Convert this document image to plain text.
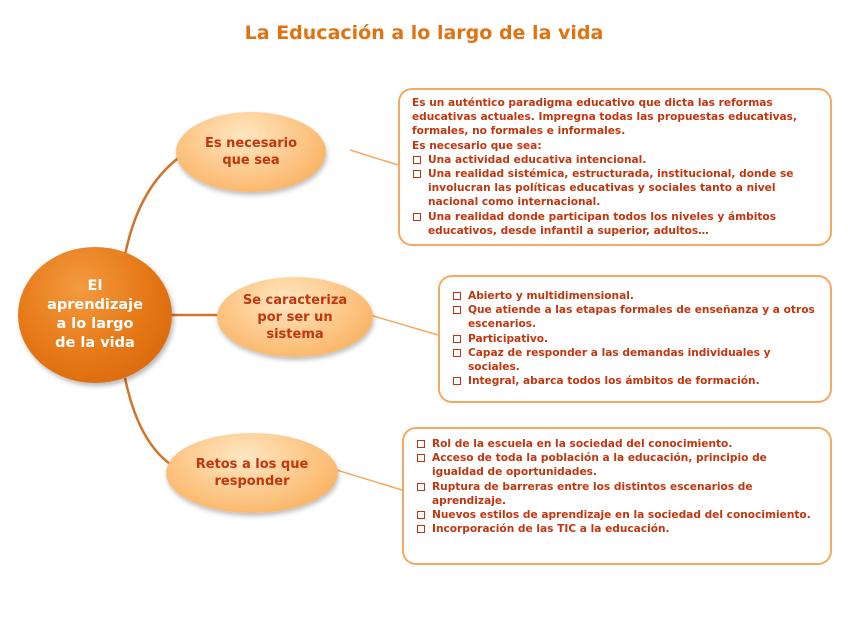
La Educación a lo largo de la vida
El
aprendizaje
a lo largo
de la vida
Es necesario
que sea
Se caracteriza
por ser un
sistema
Retos a los que
responder

Es un auténtico paradigma educativo que dicta las reformas educativas actuales. Impregna todas las propuestas educativas, formales, no formales e informales.

Es necesario que sea:

Una actividad educativa intencional.
Una realidad sistémica, estructurada, institucional, donde se involucran las políticas educativas y sociales tanto a nivel nacional como internacional.
Una realidad donde participan todos los niveles y ámbitos educativos, desde infantil a superior, adultos…
Abierto y multidimensional.
Que atiende a las etapas formales de enseñanza y a otros escenarios.
Participativo.
Capaz de responder a las demandas individuales y sociales.
Integral, abarca todos los ámbitos de formación.
Rol de la escuela en la sociedad del conocimiento.
Acceso de toda la población a la educación, principio de igualdad de oportunidades.
Ruptura de barreras entre los distintos escenarios de aprendizaje.
Nuevos estilos de aprendizaje en la sociedad del conocimiento.
Incorporación de las TIC a la educación.
